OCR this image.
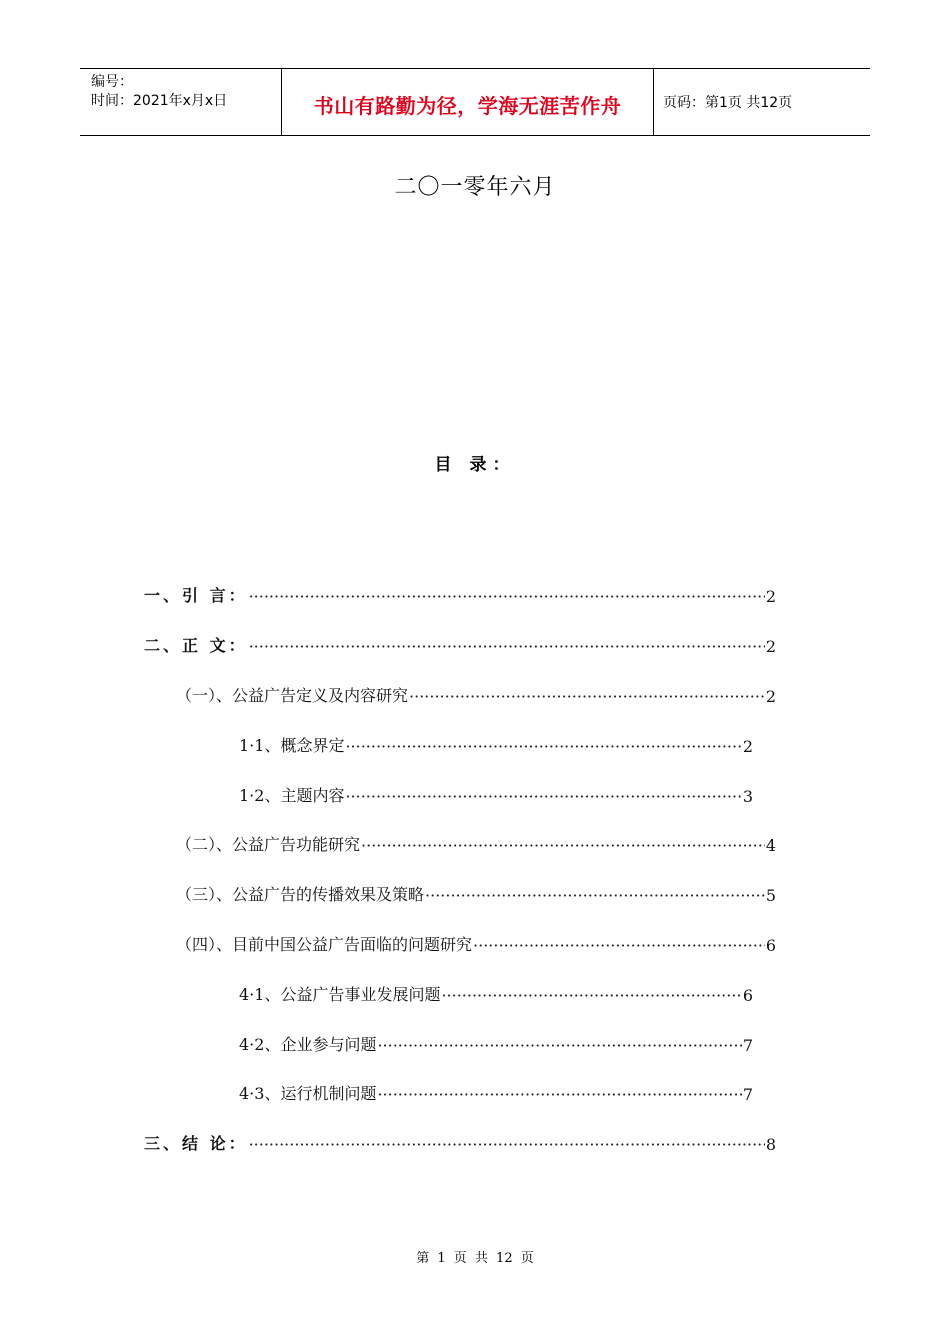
编号：
时间：2021年x月x日	书山有路勤为径，学海无涯苦作舟	页码：第1页 共12页
二〇一零年六月
目 录：
一、引 言： ·····	2
二、正 文： ·····	2
（一）、公益广告定义及内容研究 ·····	2
1·1、概念界定 ·····	2
1·2、主题内容 ·····	3
（二）、公益广告功能研究 ·····	4
（三）、公益广告的传播效果及策略 ·····	5
（四）、目前中国公益广告面临的问题研究 ·····	6
4·1、公益广告事业发展问题 ·····	6
4·2、企业参与问题 ·····	7
4·3、运行机制问题 ·····	7
三、结 论： ·····	8
第 1 页 共 12 页
